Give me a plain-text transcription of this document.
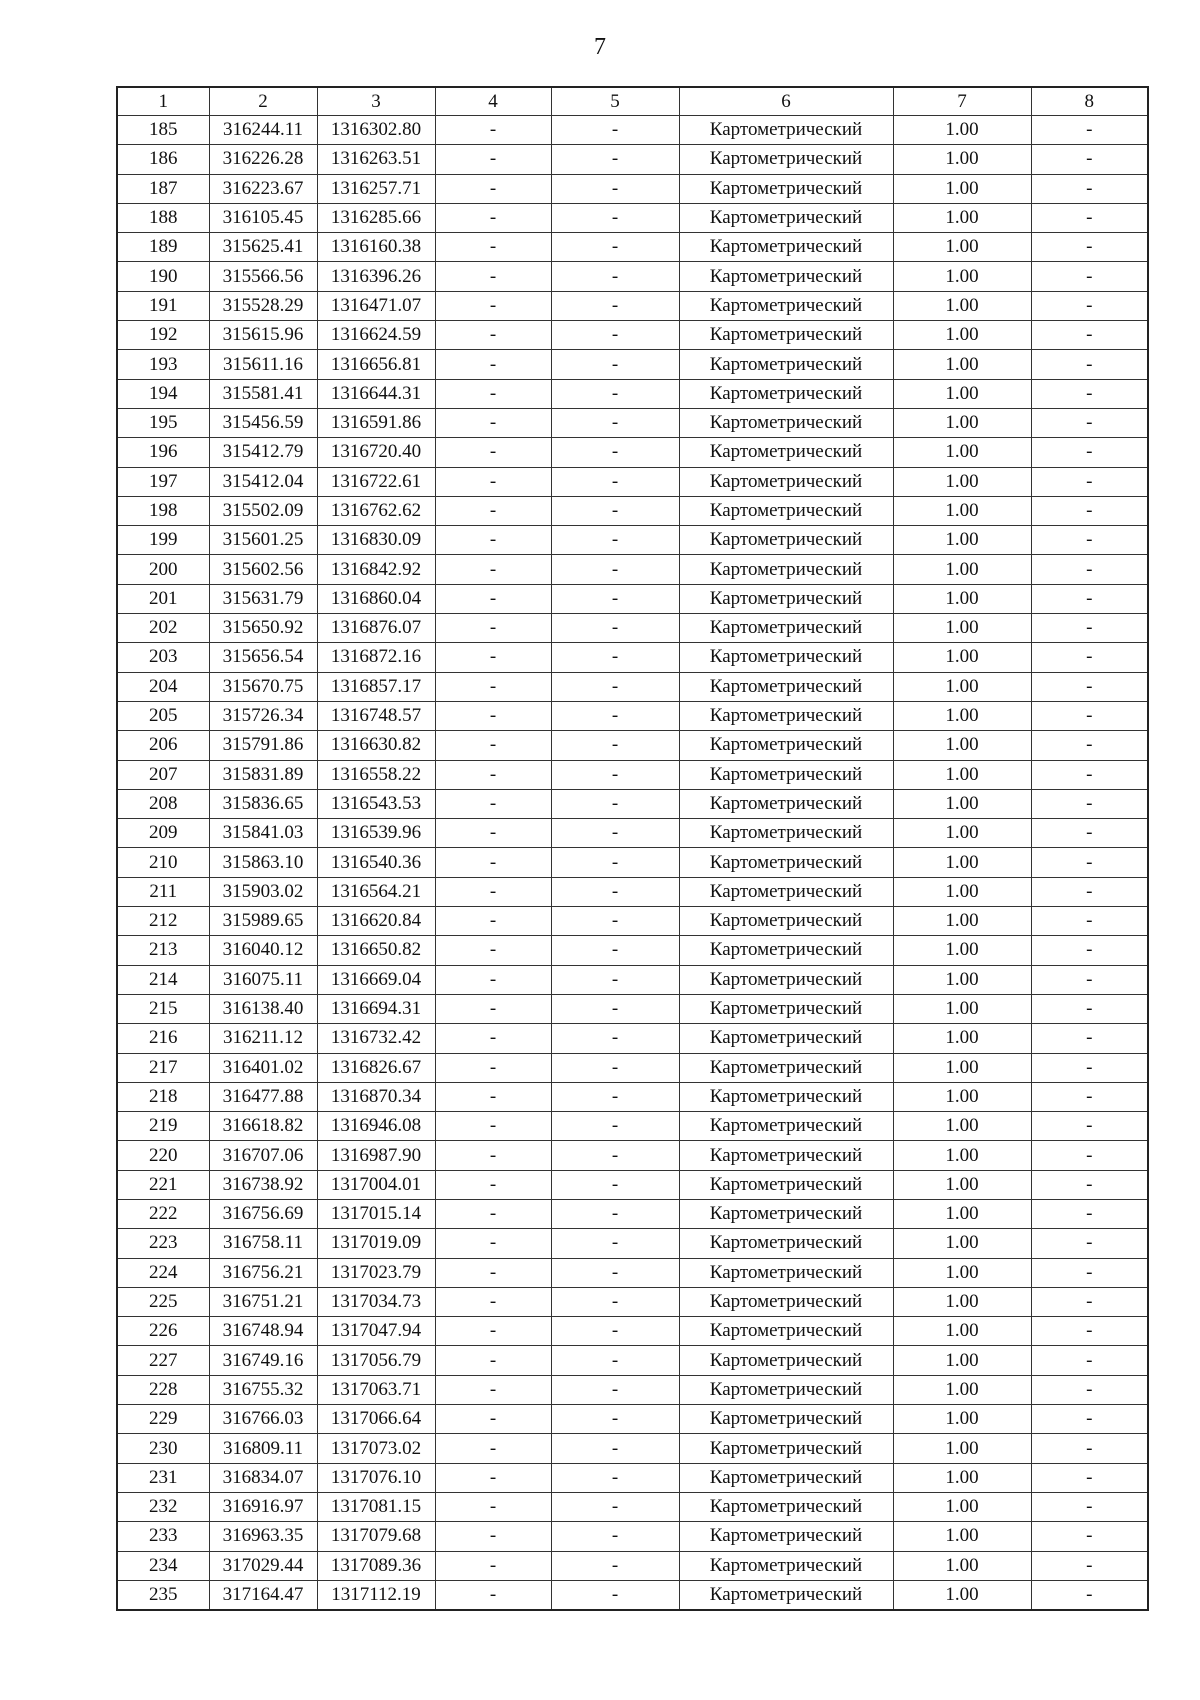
7
1	2	3	4	5	6	7	8
185	316244.11	1316302.80	-	-	Картометрический	1.00	-
186	316226.28	1316263.51	-	-	Картометрический	1.00	-
187	316223.67	1316257.71	-	-	Картометрический	1.00	-
188	316105.45	1316285.66	-	-	Картометрический	1.00	-
189	315625.41	1316160.38	-	-	Картометрический	1.00	-
190	315566.56	1316396.26	-	-	Картометрический	1.00	-
191	315528.29	1316471.07	-	-	Картометрический	1.00	-
192	315615.96	1316624.59	-	-	Картометрический	1.00	-
193	315611.16	1316656.81	-	-	Картометрический	1.00	-
194	315581.41	1316644.31	-	-	Картометрический	1.00	-
195	315456.59	1316591.86	-	-	Картометрический	1.00	-
196	315412.79	1316720.40	-	-	Картометрический	1.00	-
197	315412.04	1316722.61	-	-	Картометрический	1.00	-
198	315502.09	1316762.62	-	-	Картометрический	1.00	-
199	315601.25	1316830.09	-	-	Картометрический	1.00	-
200	315602.56	1316842.92	-	-	Картометрический	1.00	-
201	315631.79	1316860.04	-	-	Картометрический	1.00	-
202	315650.92	1316876.07	-	-	Картометрический	1.00	-
203	315656.54	1316872.16	-	-	Картометрический	1.00	-
204	315670.75	1316857.17	-	-	Картометрический	1.00	-
205	315726.34	1316748.57	-	-	Картометрический	1.00	-
206	315791.86	1316630.82	-	-	Картометрический	1.00	-
207	315831.89	1316558.22	-	-	Картометрический	1.00	-
208	315836.65	1316543.53	-	-	Картометрический	1.00	-
209	315841.03	1316539.96	-	-	Картометрический	1.00	-
210	315863.10	1316540.36	-	-	Картометрический	1.00	-
211	315903.02	1316564.21	-	-	Картометрический	1.00	-
212	315989.65	1316620.84	-	-	Картометрический	1.00	-
213	316040.12	1316650.82	-	-	Картометрический	1.00	-
214	316075.11	1316669.04	-	-	Картометрический	1.00	-
215	316138.40	1316694.31	-	-	Картометрический	1.00	-
216	316211.12	1316732.42	-	-	Картометрический	1.00	-
217	316401.02	1316826.67	-	-	Картометрический	1.00	-
218	316477.88	1316870.34	-	-	Картометрический	1.00	-
219	316618.82	1316946.08	-	-	Картометрический	1.00	-
220	316707.06	1316987.90	-	-	Картометрический	1.00	-
221	316738.92	1317004.01	-	-	Картометрический	1.00	-
222	316756.69	1317015.14	-	-	Картометрический	1.00	-
223	316758.11	1317019.09	-	-	Картометрический	1.00	-
224	316756.21	1317023.79	-	-	Картометрический	1.00	-
225	316751.21	1317034.73	-	-	Картометрический	1.00	-
226	316748.94	1317047.94	-	-	Картометрический	1.00	-
227	316749.16	1317056.79	-	-	Картометрический	1.00	-
228	316755.32	1317063.71	-	-	Картометрический	1.00	-
229	316766.03	1317066.64	-	-	Картометрический	1.00	-
230	316809.11	1317073.02	-	-	Картометрический	1.00	-
231	316834.07	1317076.10	-	-	Картометрический	1.00	-
232	316916.97	1317081.15	-	-	Картометрический	1.00	-
233	316963.35	1317079.68	-	-	Картометрический	1.00	-
234	317029.44	1317089.36	-	-	Картометрический	1.00	-
235	317164.47	1317112.19	-	-	Картометрический	1.00	-
